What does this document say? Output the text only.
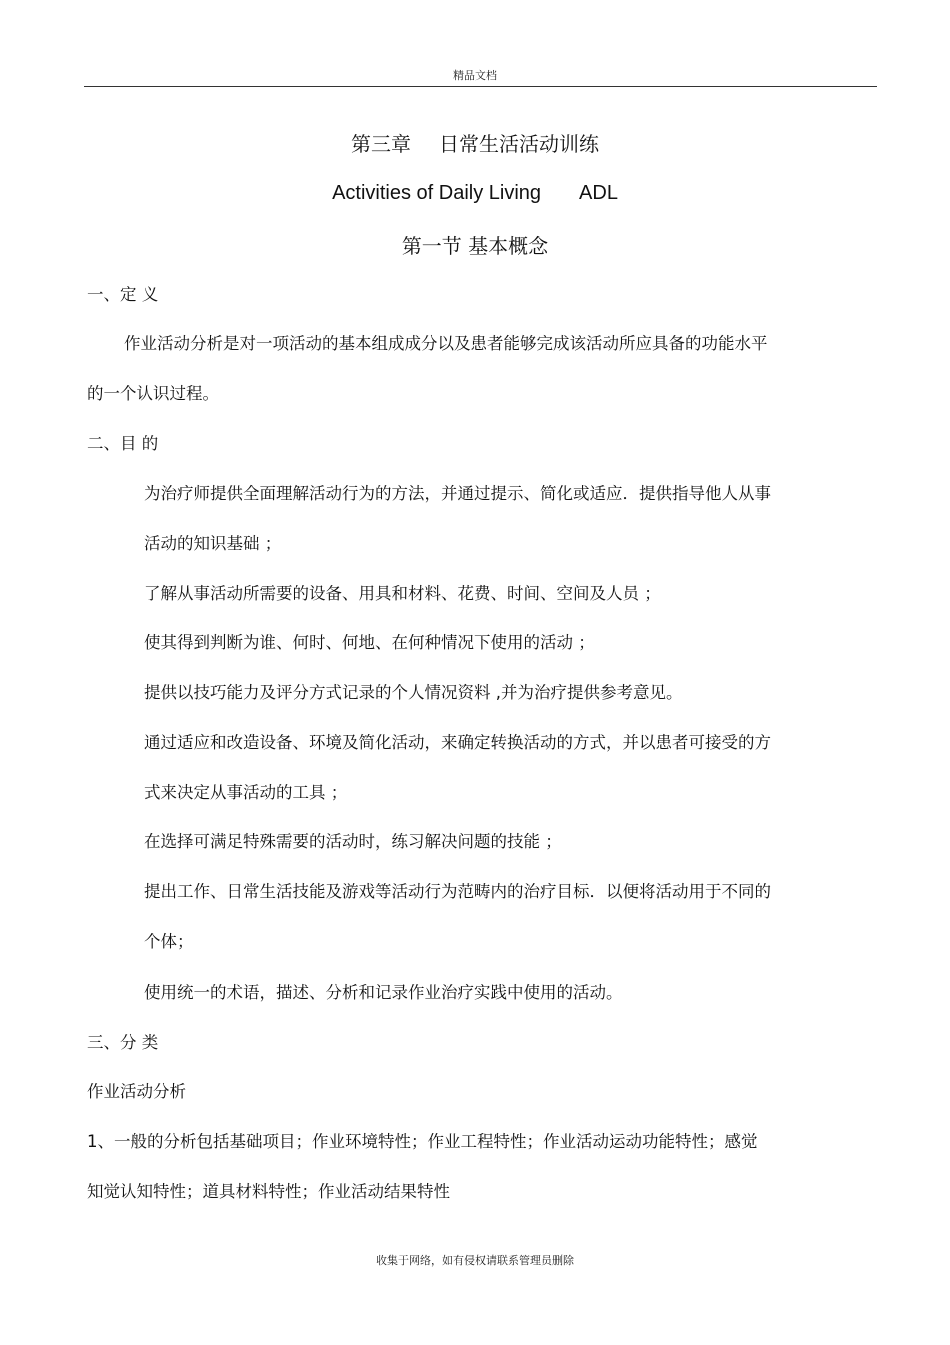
精品文档
第三章 日常生活活动训练
Activities of Daily Living ADL
第一节 基本概念
一、定 义
作业活动分析是对一项活动的基本组成成分以及患者能够完成该活动所应具备的功能水平
的一个认识过程。
二、目 的
为治疗师提供全面理解活动行为的方法，并通过提示、简化或适应．提供指导他人从事
活动的知识基础 ；
了解从事活动所需要的设备、用具和材料、花费、时间、空间及人员 ；
使其得到判断为谁、何时、何地、在何种情况下使用的活动 ；
提供以技巧能力及评分方式记录的个人情况资料 ,并为治疗提供参考意见。
通过适应和改造设备、环境及简化活动，来确定转换活动的方式，并以患者可接受的方
式来决定从事活动的工具 ；
在选择可满足特殊需要的活动时，练习解决问题的技能 ；
提出工作、日常生活技能及游戏等活动行为范畴内的治疗目标．以便将活动用于不同的
个体；
使用统一的术语，描述、分析和记录作业治疗实践中使用的活动。
三、分 类
作业活动分析
1、一般的分析包括基础项目；作业环境特性；作业工程特性；作业活动运动功能特性；感觉
知觉认知特性；道具材料特性；作业活动结果特性
收集于网络，如有侵权请联系管理员删除
